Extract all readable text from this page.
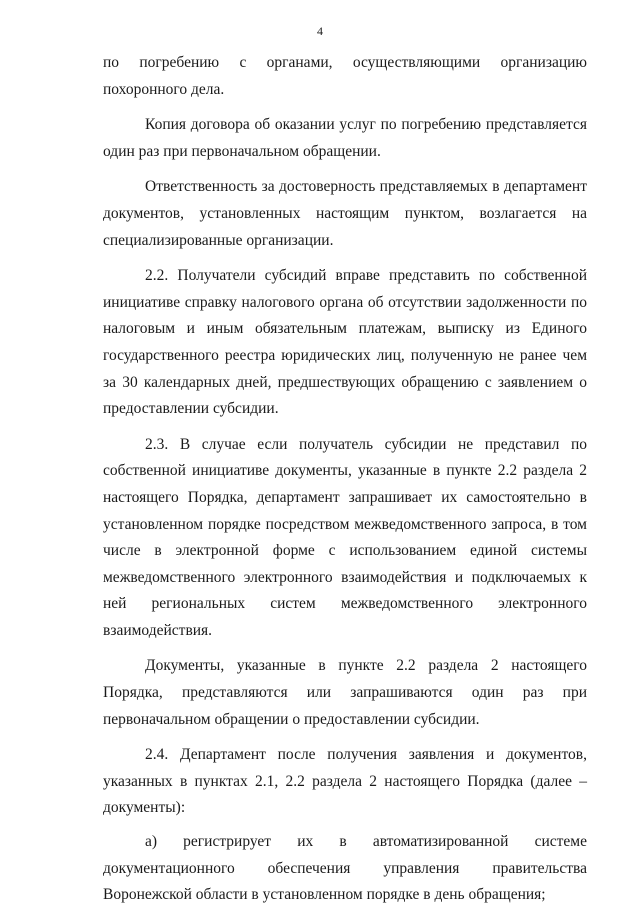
4

по погребению с органами, осуществляющими организацию похоронного дела.

Копия договора об оказании услуг по погребению представляется один раз при первоначальном обращении.

Ответственность за достоверность представляемых в департамент документов, установленных настоящим пунктом, возлагается на специализированные организации.

2.2. Получатели субсидий вправе представить по собственной инициативе справку налогового органа об отсутствии задолженности по налоговым и иным обязательным платежам, выписку из Единого государственного реестра юридических лиц, полученную не ранее чем за 30 календарных дней, предшествующих обращению с заявлением о предоставлении субсидии.

2.3. В случае если получатель субсидии не представил по собственной инициативе документы, указанные в пункте 2.2 раздела 2 настоящего Порядка, департамент запрашивает их самостоятельно в установленном порядке посредством межведомственного запроса, в том числе в электронной форме с использованием единой системы межведомственного электронного взаимодействия и подключаемых к ней региональных систем межведомственного электронного взаимодействия.

Документы, указанные в пункте 2.2 раздела 2 настоящего Порядка, представляются или запрашиваются один раз при первоначальном обращении о предоставлении субсидии.

2.4. Департамент после получения заявления и документов, указанных в пунктах 2.1, 2.2 раздела 2 настоящего Порядка (далее – документы):

а) регистрирует их в автоматизированной системе документационного обеспечения управления правительства Воронежской области в установленном порядке в день обращения;
